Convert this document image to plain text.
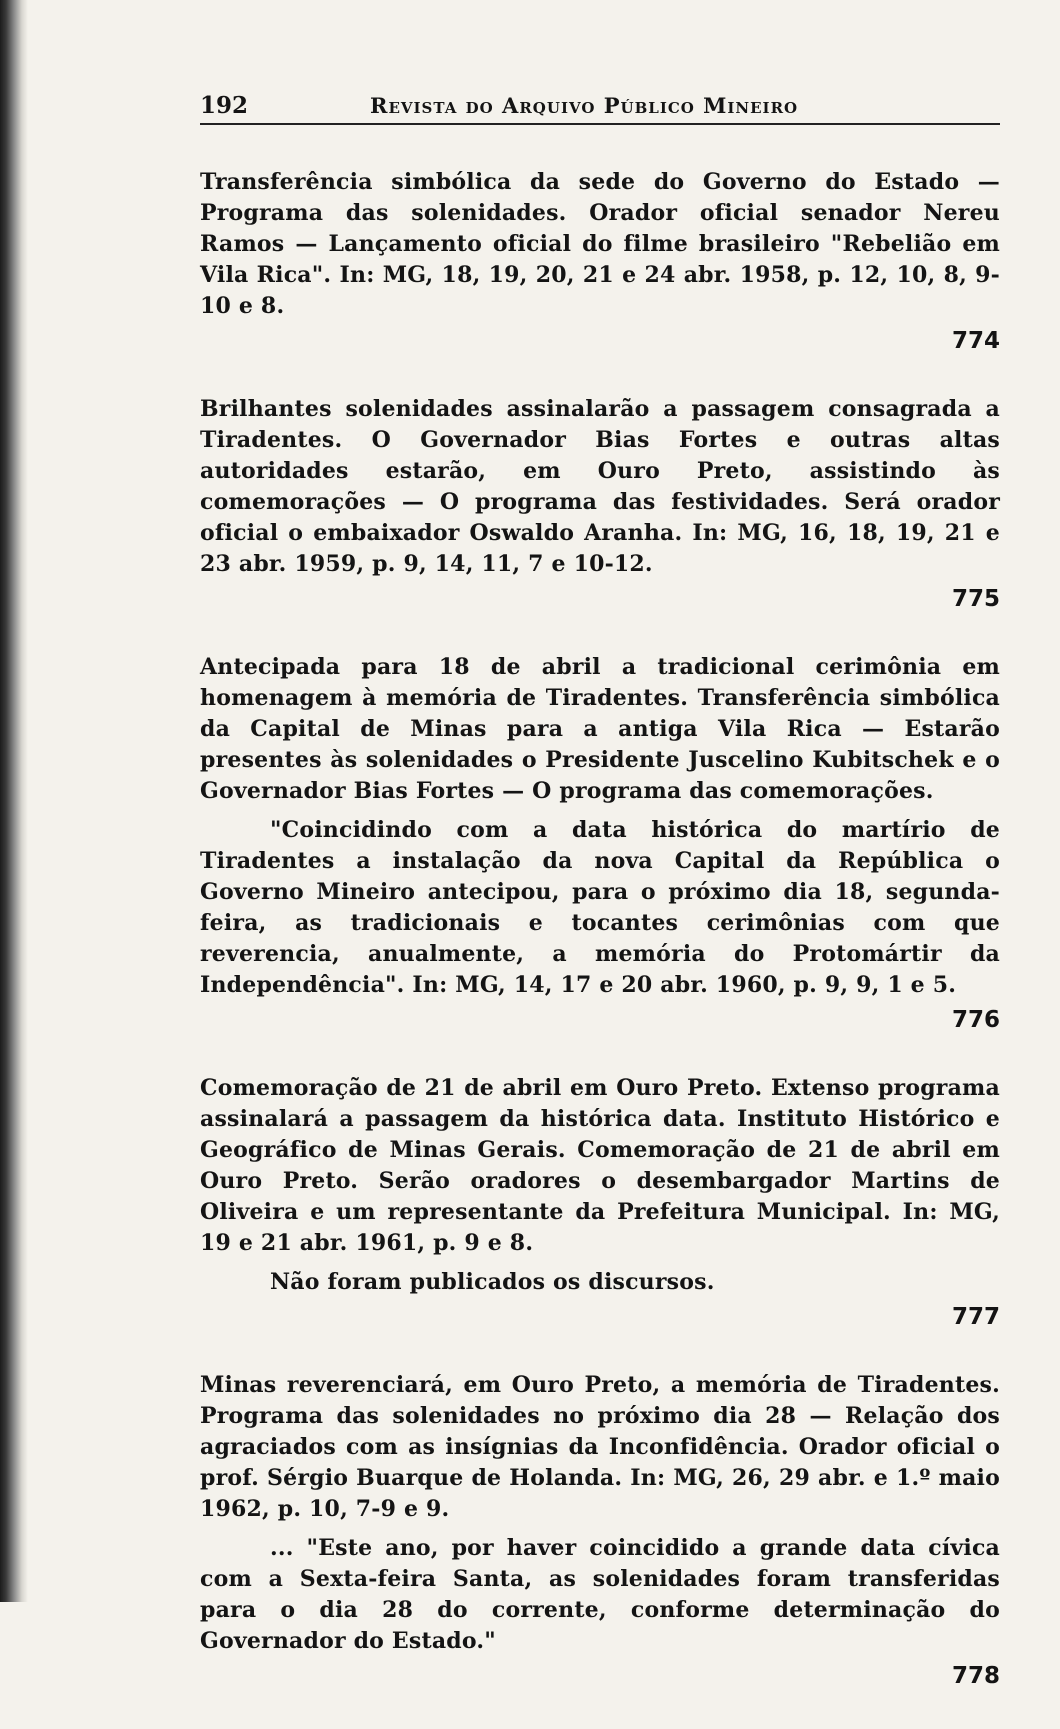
192	Revista do Arquivo Público Mineiro

Transferência simbólica da sede do Governo do Estado — Programa das solenidades. Orador oficial senador Nereu Ramos — Lançamento oficial do filme brasileiro "Rebelião em Vila Rica". In: MG, 18, 19, 20, 21 e 24 abr. 1958, p. 12, 10, 8, 9-10 e 8.

774

Brilhantes solenidades assinalarão a passagem consagrada a Tiradentes. O Governador Bias Fortes e outras altas autoridades estarão, em Ouro Preto, assistindo às comemorações — O programa das festividades. Será orador oficial o embaixador Oswaldo Aranha. In: MG, 16, 18, 19, 21 e 23 abr. 1959, p. 9, 14, 11, 7 e 10-12.

775

Antecipada para 18 de abril a tradicional cerimônia em homenagem à memória de Tiradentes. Transferência simbólica da Capital de Minas para a antiga Vila Rica — Estarão presentes às solenidades o Presidente Juscelino Kubitschek e o Governador Bias Fortes — O programa das comemorações.

"Coincidindo com a data histórica do martírio de Tiradentes a instalação da nova Capital da República o Governo Mineiro antecipou, para o próximo dia 18, segunda-feira, as tradicionais e tocantes cerimônias com que reverencia, anualmente, a memória do Protomártir da Independência". In: MG, 14, 17 e 20 abr. 1960, p. 9, 9, 1 e 5.

776

Comemoração de 21 de abril em Ouro Preto. Extenso programa assinalará a passagem da histórica data. Instituto Histórico e Geográfico de Minas Gerais. Comemoração de 21 de abril em Ouro Preto. Serão oradores o desembargador Martins de Oliveira e um representante da Prefeitura Municipal. In: MG, 19 e 21 abr. 1961, p. 9 e 8.

Não foram publicados os discursos.

777

Minas reverenciará, em Ouro Preto, a memória de Tiradentes. Programa das solenidades no próximo dia 28 — Relação dos agraciados com as insígnias da Inconfidência. Orador oficial o prof. Sérgio Buarque de Holanda. In: MG, 26, 29 abr. e 1.º maio 1962, p. 10, 7-9 e 9.

... "Este ano, por haver coincidido a grande data cívica com a Sexta-feira Santa, as solenidades foram transferidas para o dia 28 do corrente, conforme determinação do Governador do Estado."

778
